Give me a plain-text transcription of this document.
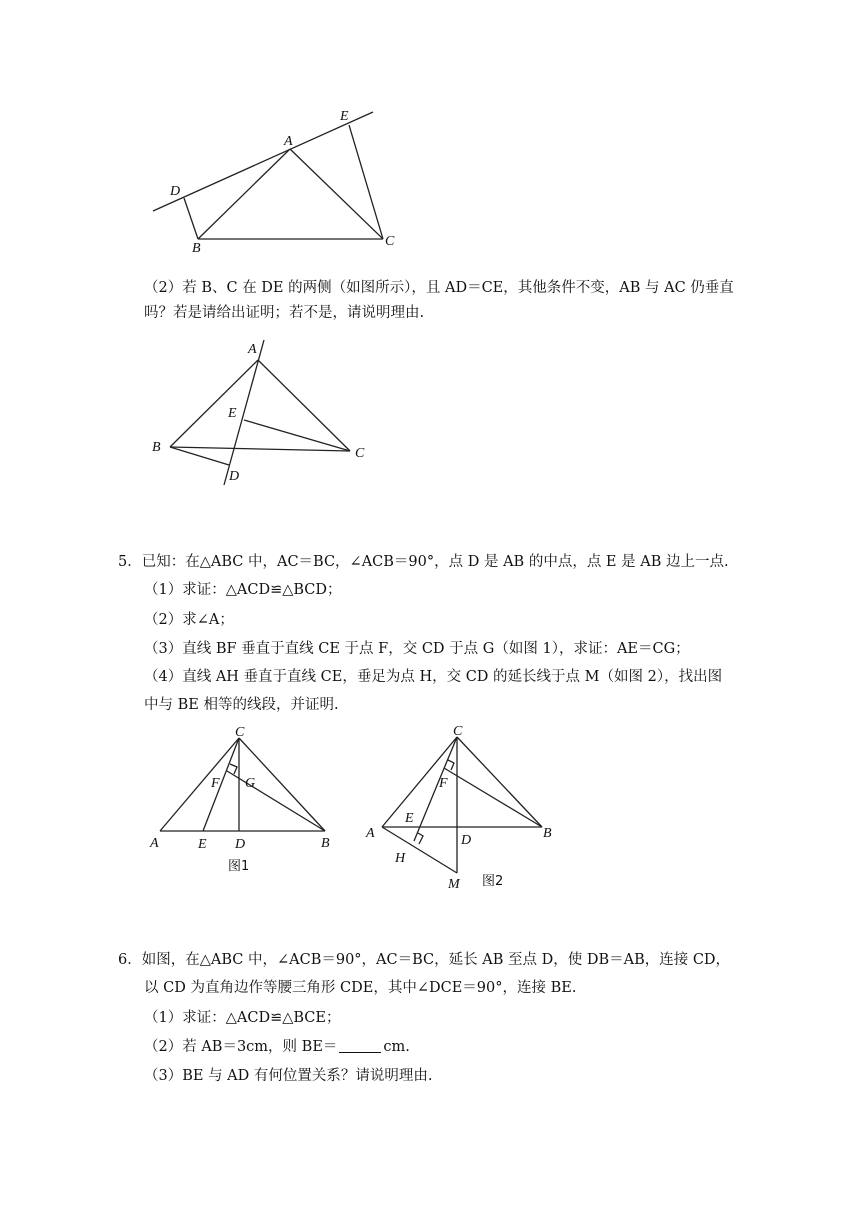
A
B	C
D
E
（2）若 B、C 在 DE 的两侧（如图所示），且 AD＝CE，其他条件不变，AB 与 AC 仍垂直
吗？若是请给出证明；若不是，请说明理由.
A
B	C
D
E
5．已知：在△ABC 中，AC＝BC，∠ACB＝90°，点 D 是 AB 的中点，点 E 是 AB 边上一点.
（1）求证：△ACD≌△BCD；
（2）求∠A；
（3）直线 BF 垂直于直线 CE 于点 F，交 CD 于点 G（如图 1），求证：AE＝CG；
（4）直线 AH 垂直于直线 CE，垂足为点 H，交 CD 的延长线于点 M（如图 2），找出图
中与 BE 相等的线段，并证明.
C
A	B
D
E
F G
图1
C
A	B
D
E
F
H
M 图2
6．如图，在△ABC 中，∠ACB＝90°，AC＝BC，延长 AB 至点 D，使 DB＝AB，连接 CD，
以 CD 为直角边作等腰三角形 CDE，其中∠DCE＝90°，连接 BE.
（1）求证：△ACD≌△BCE；
（2）若 AB＝3cm，则 BE＝	cm.
（3）BE 与 AD 有何位置关系？请说明理由.
